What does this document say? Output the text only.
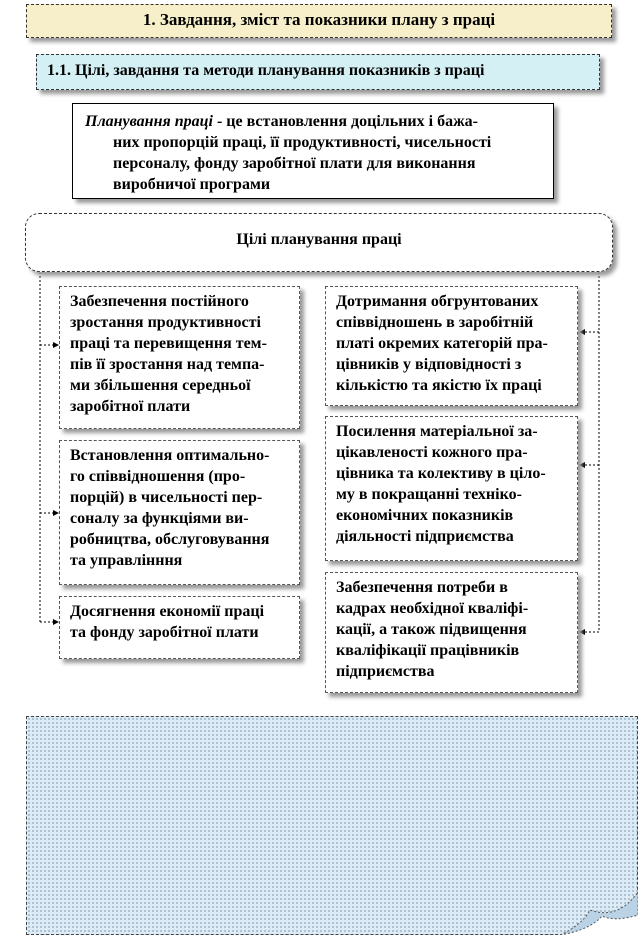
1. Завдання, зміст та показники плану з праці
1.1. Цілі, завдання та методи планування показників з праці

Планування праці - це встановлення доцільних і бажа-
них пропорцій праці, її продуктивності, чисельності
персоналу, фонду заробітної плати для виконання
виробничої програми

Цілі планування праці
Забезпечення постійного
зростання продуктивності
праці та перевищення тем-
пів її зростання над темпа-
ми збільшення середньої
заробітної плати
Встановлення оптимально-
го співвідношення (про-
порцій) в чисельності пер-
соналу за функціями ви-
робництва, обслуговування
та управлінння
Досягнення економії праці
та фонду заробітної плати
Дотримання обгрунтованих
співвідношень в заробітній
платі окремих категорій пра-
цівників у відповідності з
кількістю та якістю їх праці
Посилення матеріальної за-
цікавленості кожного пра-
цівника та колективу в ціло-
му в покращанні техніко-
економічних показників
діяльності підприємства
Забезпечення потреби в
кадрах необхідної кваліфі-
кації, а також підвищення
кваліфікації працівників
підприємства
